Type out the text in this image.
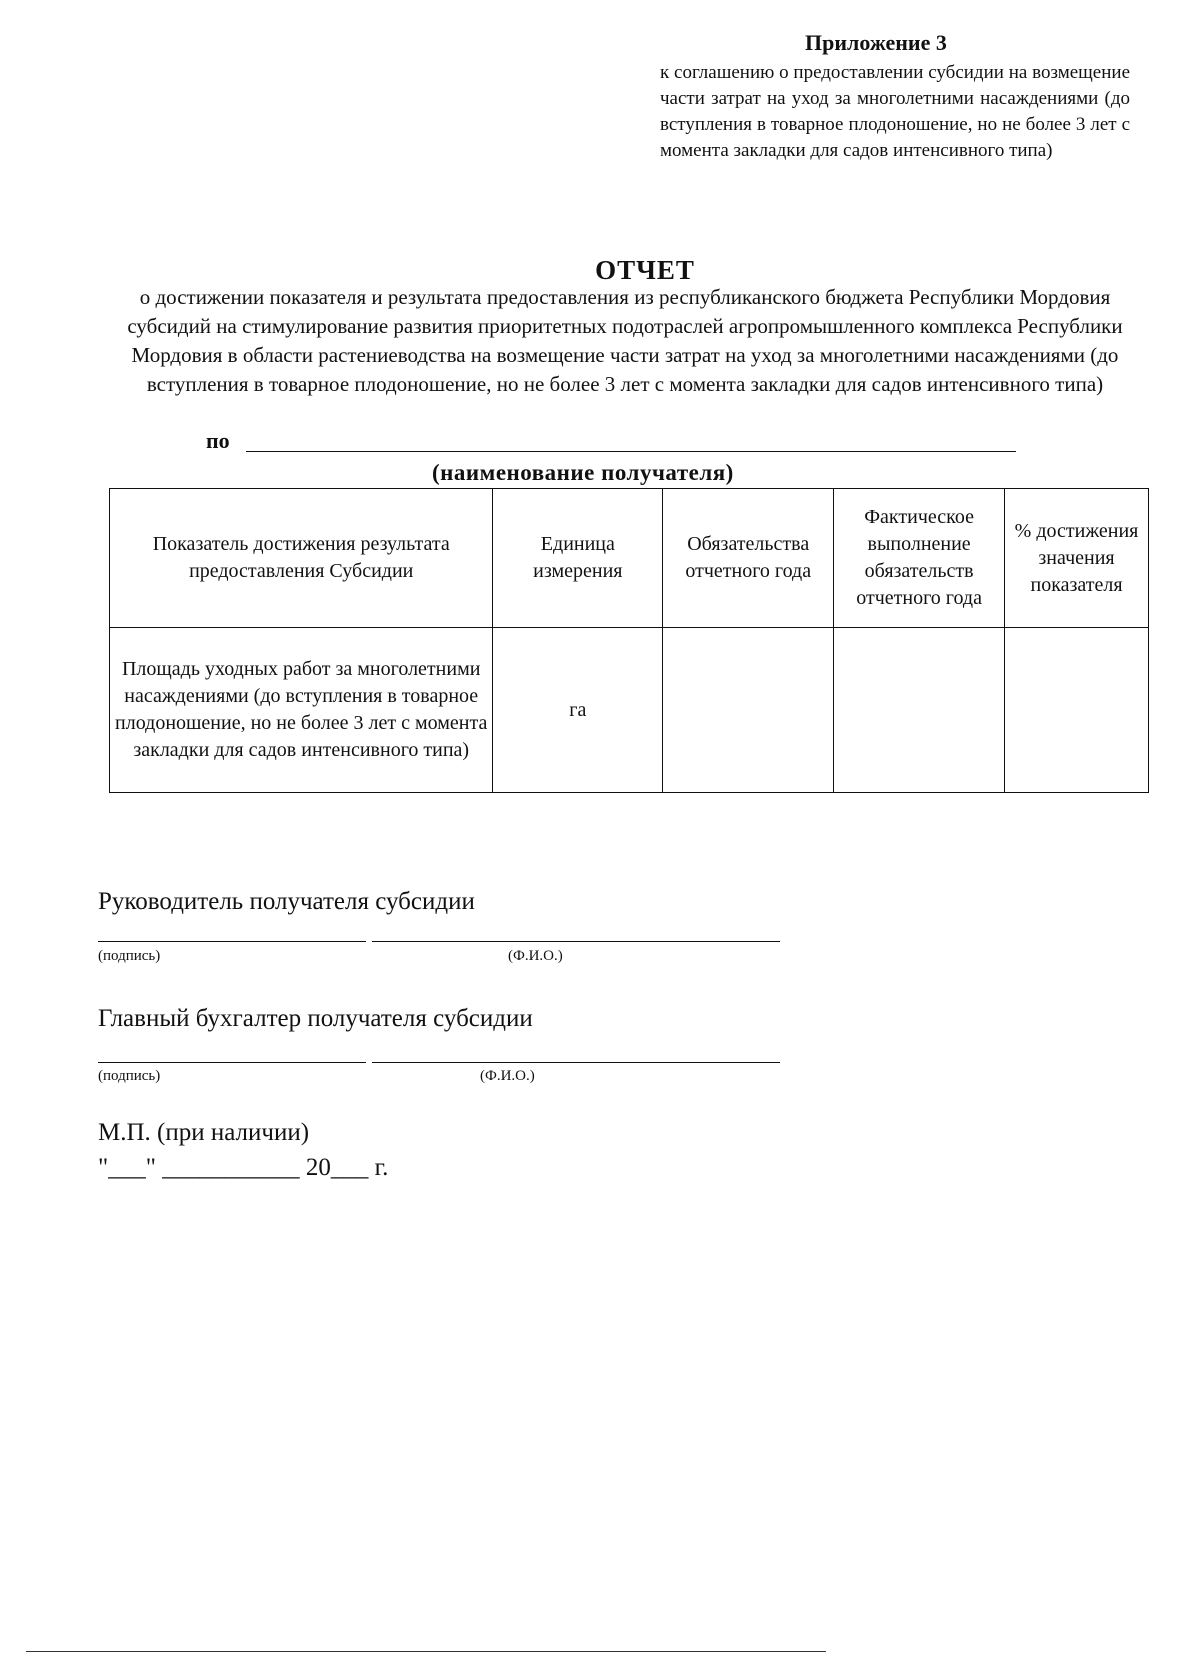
Приложение 3
к соглашению о предоставлении субсидии на возмещение части затрат на уход за многолетними насаждениями (до вступления в товарное плодоношение, но не более 3 лет с момента закладки для садов интенсивного типа)
ОТЧЕТ
о достижении показателя и результата предоставления из республиканского бюджета Республики Мордовия субсидий на стимулирование развития приоритетных подотраслей агропромышленного комплекса Республики Мордовия в области растениеводства на возмещение части затрат на уход за многолетними насаждениями (до вступления в товарное плодоношение, но не более 3 лет с момента закладки для садов интенсивного типа)
по
(наименование получателя)
Показатель достижения результата предоставления Субсидии	Единица измерения	Обязательства отчетного года	Фактическое выполнение обязательств отчетного года	% достижения значения показателя
Площадь уходных работ за многолетними насаждениями (до вступления в товарное плодоношение, но не более 3 лет с момента закладки для садов интенсивного типа)	га			
Руководитель получателя субсидии
(подпись)	(Ф.И.О.)
Главный бухгалтер получателя субсидии
(подпись)	(Ф.И.О.)
М.П. (при наличии)
"___" ___________ 20___ г.
